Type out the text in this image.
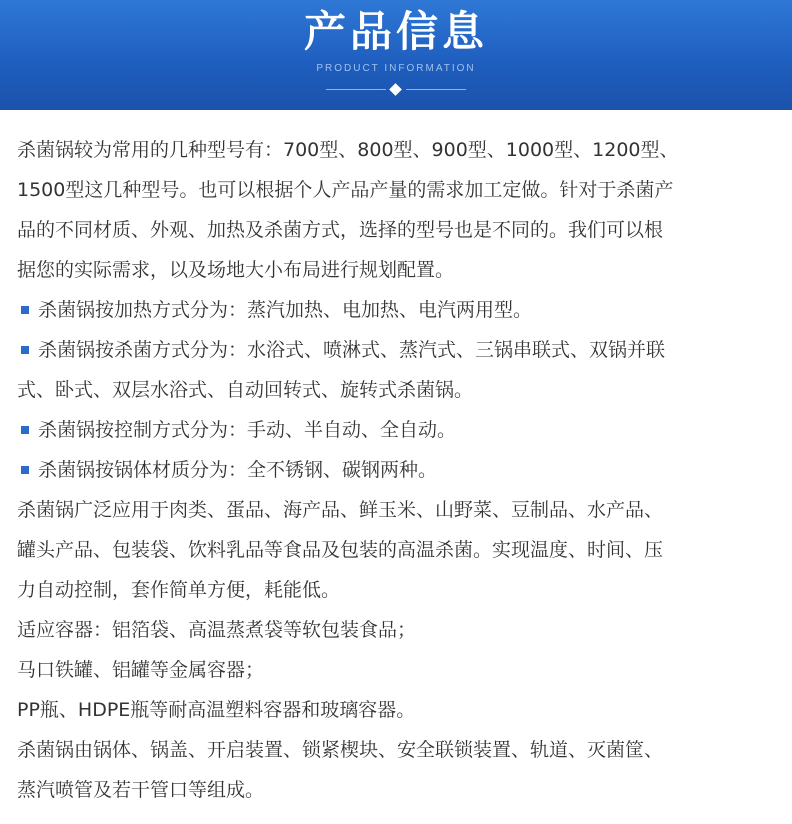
产品信息
PRODUCT INFORMATION
杀菌锅较为常用的几种型号有：700型、800型、900型、1000型、1200型、
1500型这几种型号。也可以根据个人产品产量的需求加工定做。针对于杀菌产
品的不同材质、外观、加热及杀菌方式，选择的型号也是不同的。我们可以根
据您的实际需求，以及场地大小布局进行规划配置。
杀菌锅按加热方式分为：蒸汽加热、电加热、电汽两用型。
杀菌锅按杀菌方式分为：水浴式、喷淋式、蒸汽式、三锅串联式、双锅并联
式、卧式、双层水浴式、自动回转式、旋转式杀菌锅。
杀菌锅按控制方式分为：手动、半自动、全自动。
杀菌锅按锅体材质分为：全不锈钢、碳钢两种。
杀菌锅广泛应用于肉类、蛋品、海产品、鲜玉米、山野菜、豆制品、水产品、
罐头产品、包装袋、饮料乳品等食品及包装的高温杀菌。实现温度、时间、压
力自动控制，套作简单方便，耗能低。
适应容器：铝箔袋、高温蒸煮袋等软包装食品；
马口铁罐、铝罐等金属容器；
PP瓶、HDPE瓶等耐高温塑料容器和玻璃容器。
杀菌锅由锅体、锅盖、开启装置、锁紧楔块、安全联锁装置、轨道、灭菌筐、
蒸汽喷管及若干管口等组成。
